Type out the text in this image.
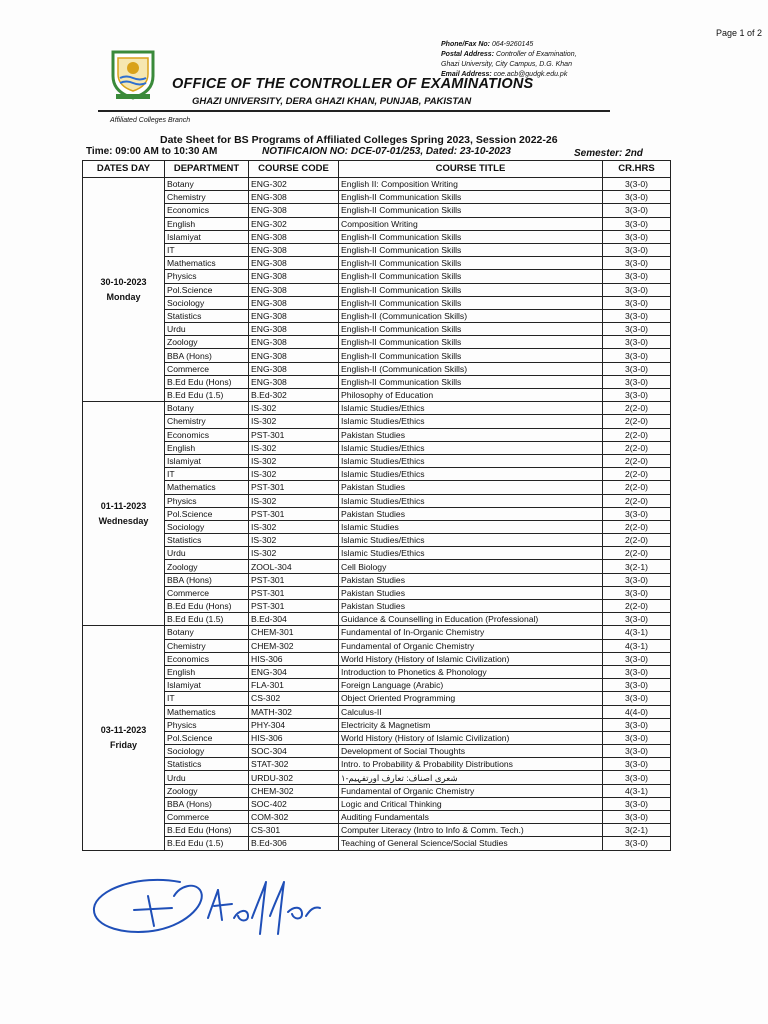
Page 1 of 2
Phone/Fax No: 064-9260145
Postal Address: Controller of Examination,
Ghazi University, City Campus, D.G. Khan
Email Address: coe.acb@gudgk.edu.pk
OFFICE OF THE CONTROLLER OF EXAMINATIONS
GHAZI UNIVERSITY, DERA GHAZI KHAN, PUNJAB, PAKISTAN
Affiliated Colleges Branch
Date Sheet for BS Programs of Affiliated Colleges Spring 2023, Session 2022-26
Time: 09:00 AM to 10:30 AM	NOTIFICAION NO: DCE-07-01/253, Dated: 23-10-2023	Semester: 2nd
DATES DAY	DEPARTMENT	COURSE CODE	COURSE TITLE	CR.HRS

30-10-2023
Monday	Botany	ENG-302	English II: Composition Writing	3(3-0)
	Chemistry	ENG-308	English-II Communication Skills	3(3-0)
	Economics	ENG-308	English-II Communication Skills	3(3-0)
	English	ENG-302	Composition Writing	3(3-0)
	Islamiyat	ENG-308	English-II Communication Skills	3(3-0)
	IT	ENG-308	English-II Communication Skills	3(3-0)
	Mathematics	ENG-308	English-II Communication Skills	3(3-0)
	Physics	ENG-308	English-II Communication Skills	3(3-0)
	Pol.Science	ENG-308	English-II Communication Skills	3(3-0)
	Sociology	ENG-308	English-II Communication Skills	3(3-0)
	Statistics	ENG-308	English-II (Communication Skills)	3(3-0)
	Urdu	ENG-308	English-II Communication Skills	3(3-0)
	Zoology	ENG-308	English-II Communication Skills	3(3-0)
	BBA (Hons)	ENG-308	English-II Communication Skills	3(3-0)
	Commerce	ENG-308	English-II (Communication Skills)	3(3-0)
	B.Ed Edu (Hons)	ENG-308	English-II Communication Skills	3(3-0)
	B.Ed Edu (1.5)	B.Ed-302	Philosophy of Education	3(3-0)

01-11-2023
Wednesday	Botany	IS-302	Islamic Studies/Ethics	2(2-0)
	Chemistry	IS-302	Islamic Studies/Ethics	2(2-0)
	Economics	PST-301	Pakistan Studies	2(2-0)
	English	IS-302	Islamic Studies/Ethics	2(2-0)
	Islamiyat	IS-302	Islamic Studies/Ethics	2(2-0)
	IT	IS-302	Islamic Studies/Ethics	2(2-0)
	Mathematics	PST-301	Pakistan Studies	2(2-0)
	Physics	IS-302	Islamic Studies/Ethics	2(2-0)
	Pol.Science	PST-301	Pakistan Studies	3(3-0)
	Sociology	IS-302	Islamic Studies	2(2-0)
	Statistics	IS-302	Islamic Studies/Ethics	2(2-0)
	Urdu	IS-302	Islamic Studies/Ethics	2(2-0)
	Zoology	ZOOL-304	Cell Biology	3(2-1)
	BBA (Hons)	PST-301	Pakistan Studies	3(3-0)
	Commerce	PST-301	Pakistan Studies	3(3-0)
	B.Ed Edu (Hons)	PST-301	Pakistan Studies	2(2-0)
	B.Ed Edu (1.5)	B.Ed-304	Guidance & Counselling in Education (Professional)	3(3-0)

03-11-2023
Friday	Botany	CHEM-301	Fundamental of In-Organic Chemistry	4(3-1)
	Chemistry	CHEM-302	Fundamental of Organic Chemistry	4(3-1)
	Economics	HIS-306	World History (History of Islamic Civilization)	3(3-0)
	English	ENG-304	Introduction to Phonetics & Phonology	3(3-0)
	Islamiyat	FLA-301	Foreign Language (Arabic)	3(3-0)
	IT	CS-302	Object Oriented Programming	3(3-0)
	Mathematics	MATH-302	Calculus-II	4(4-0)
	Physics	PHY-304	Electricity & Magnetism	3(3-0)
	Pol.Science	HIS-306	World History (History of Islamic Civilization)	3(3-0)
	Sociology	SOC-304	Development of Social Thoughts	3(3-0)
	Statistics	STAT-302	Intro. to Probability & Probability Distributions	3(3-0)
	Urdu	URDU-302	شعری اصناف: تعارف اورتفہیم-۱	3(3-0)
	Zoology	CHEM-302	Fundamental of Organic Chemistry	4(3-1)
	BBA (Hons)	SOC-402	Logic and Critical Thinking	3(3-0)
	Commerce	COM-302	Auditing Fundamentals	3(3-0)
	B.Ed Edu (Hons)	CS-301	Computer Literacy (Intro to Info & Comm. Tech.)	3(2-1)
	B.Ed Edu (1.5)	B.Ed-306	Teaching of General Science/Social Studies	3(3-0)
